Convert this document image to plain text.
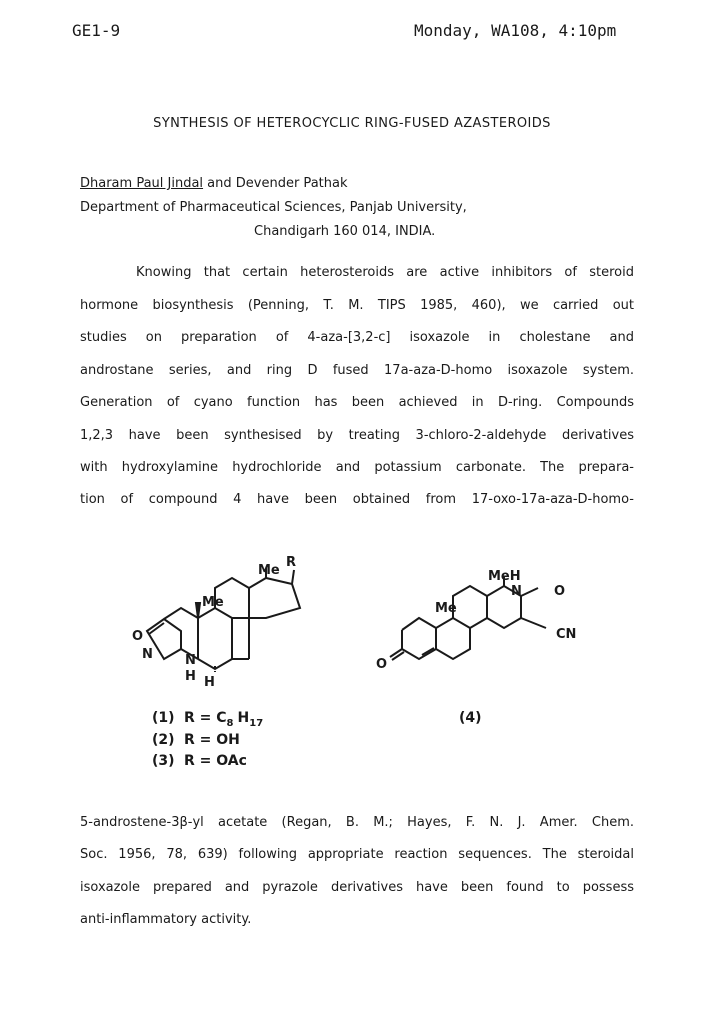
GE1-9	Monday, WA108, 4:10pm
SYNTHESIS OF HETEROCYCLIC RING-FUSED AZASTEROIDS
Dharam Paul Jindal and Devender Pathak
Department of Pharmaceutical Sciences, Panjab University,
Chandigarh 160 014, INDIA.
Knowing that certain heterosteroids are active inhibitors of steroid
hormone biosynthesis (Penning, T. M. TIPS 1985, 460), we carried out
studies on preparation of 4-aza-[3,2-c] isoxazole in cholestane and
androstane series, and ring D fused 17a-aza-D-homo isoxazole system.
Generation of cyano function has been achieved in D-ring. Compounds
1,2,3 have been synthesised by treating 3-chloro-2-aldehyde derivatives
with hydroxylamine hydrochloride and potassium carbonate. The prepara-
tion of compound 4 have been obtained from 17-oxo-17a-aza-D-homo-
O
N N
H H
Me
Me
R
MeH
N O
CN
Me
O
(1) $R = C_8$ $H_{17}$
(2) R = OH
(3) R = OAc
(4)
5-androstene-3β-yl acetate (Regan, B. M.; Hayes, F. N. J. Amer. Chem.
Soc. 1956, 78, 639) following appropriate reaction sequences. The steroidal
isoxazole prepared and pyrazole derivatives have been found to possess
anti-inflammatory activity.
